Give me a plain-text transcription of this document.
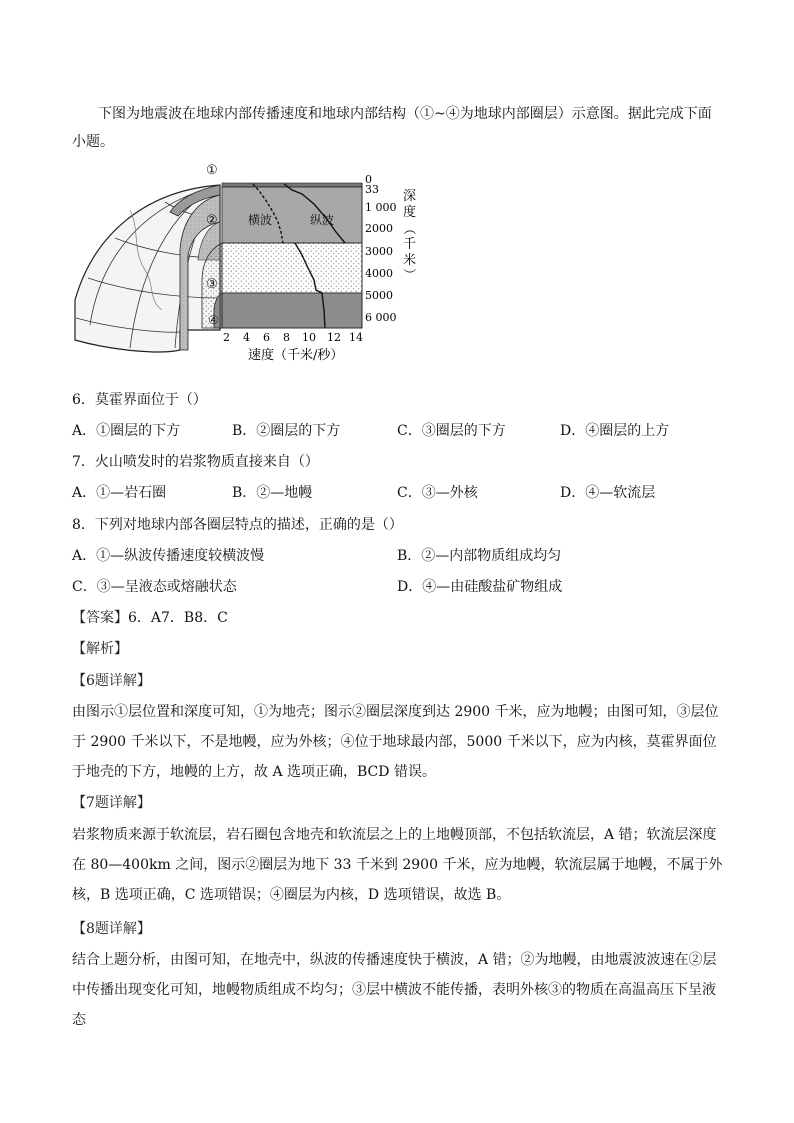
下图为地震波在地球内部传播速度和地球内部结构（①~④为地球内部圈层）示意图。据此完成下面小题。
横波	纵波
①
②
③
④
0
33
1 000
2000
3000
4000
5000
6 000
深
度
（
千
米
）
2 4 6 8 10 12 14
速度（千米/秒）
6．莫霍界面位于（）
A．①圈层的下方	B．②圈层的下方	C．③圈层的下方	D．④圈层的上方
7．火山喷发时的岩浆物质直接来自（）
A．①—岩石圈	B．②—地幔	C．③—外核	D．④—软流层
8．下列对地球内部各圈层特点的描述，正确的是（）
A．①—纵波传播速度较横波慢	B．②—内部物质组成均匀
C．③—呈液态或熔融状态	D．④—由硅酸盐矿物组成
【答案】6．A7．B8．C
【解析】
【6题详解】
由图示①层位置和深度可知，①为地壳；图示②圈层深度到达 2900 千米，应为地幔；由图可知，③层位于 2900 千米以下，不是地幔，应为外核；④位于地球最内部，5000 千米以下，应为内核，莫霍界面位于地壳的下方，地幔的上方，故 A 选项正确，BCD 错误。
【7题详解】
岩浆物质来源于软流层，岩石圈包含地壳和软流层之上的上地幔顶部，不包括软流层，A 错；软流层深度在 80—400km 之间，图示②圈层为地下 33 千米到 2900 千米，应为地幔，软流层属于地幔，不属于外核，B 选项正确，C 选项错误；④圈层为内核，D 选项错误，故选 B。
【8题详解】
结合上题分析，由图可知，在地壳中，纵波的传播速度快于横波，A 错；②为地幔，由地震波波速在②层中传播出现变化可知，地幔物质组成不均匀；③层中横波不能传播，表明外核③的物质在高温高压下呈液态
